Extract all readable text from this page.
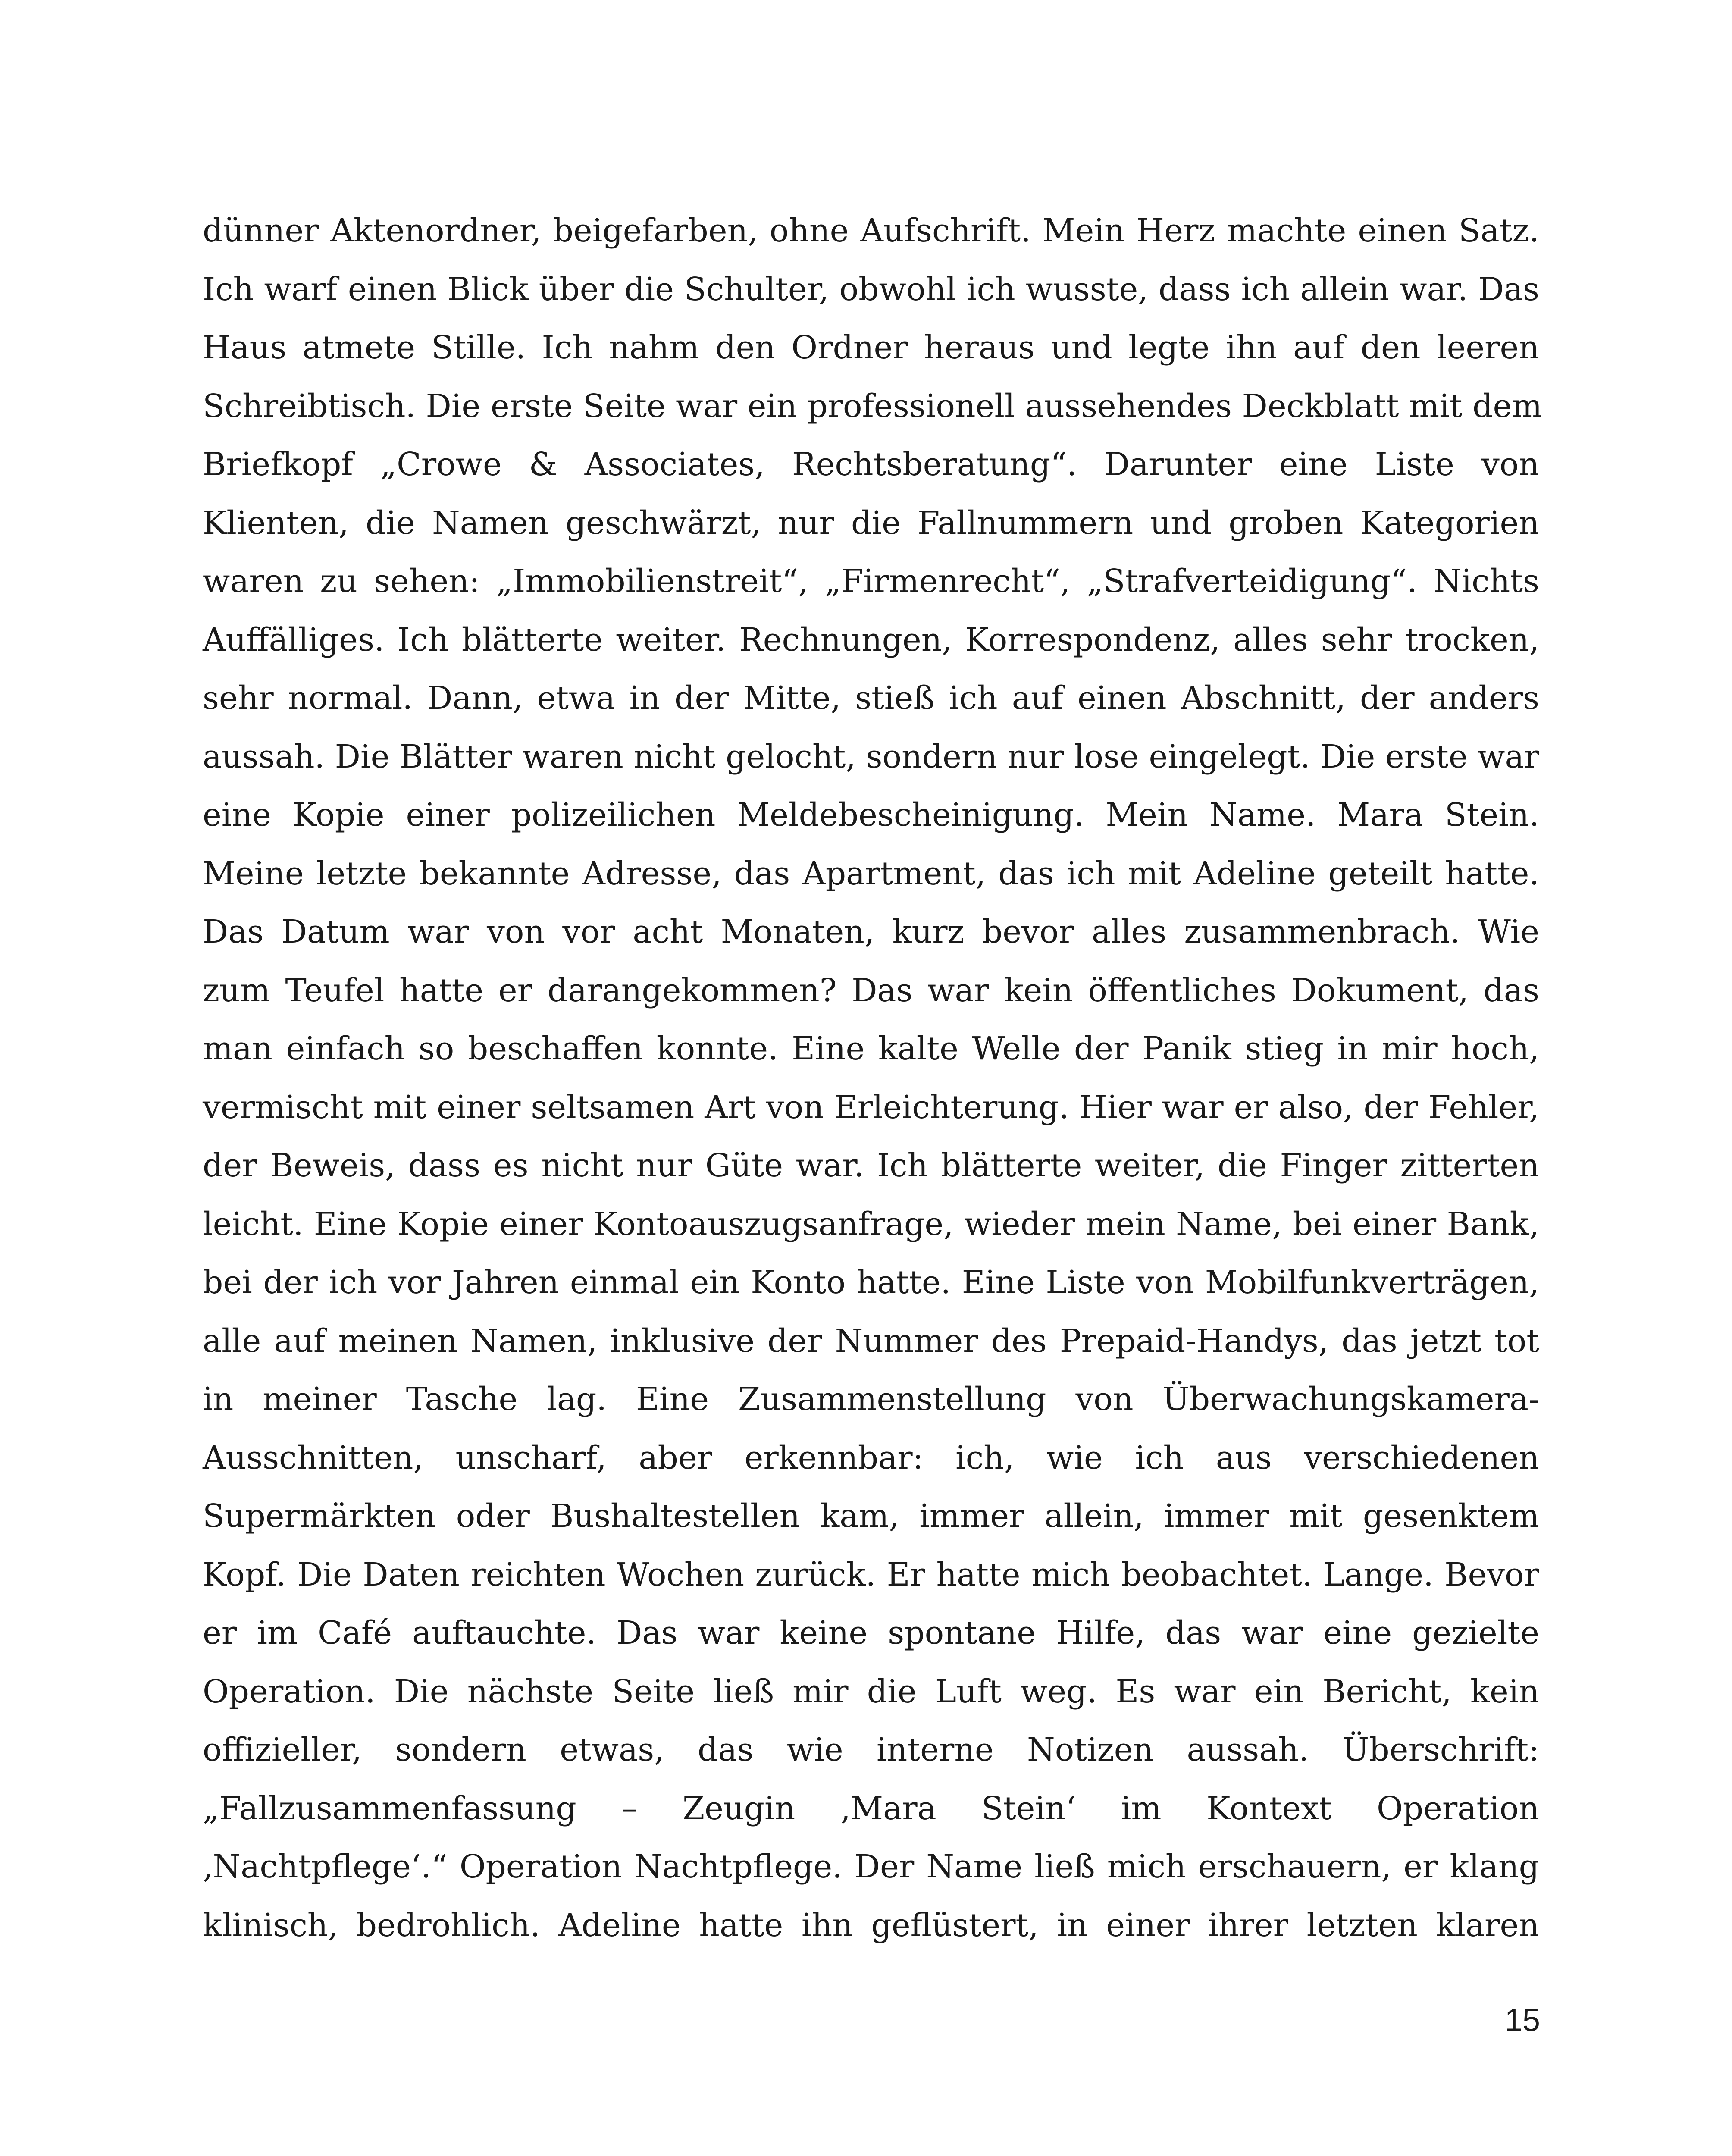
dünner Aktenordner, beigefarben, ohne Aufschrift. Mein Herz machte einen Satz.
Ich warf einen Blick über die Schulter, obwohl ich wusste, dass ich allein war. Das
Haus atmete Stille. Ich nahm den Ordner heraus und legte ihn auf den leeren
Schreibtisch. Die erste Seite war ein professionell aussehendes Deckblatt mit dem
Briefkopf „Crowe & Associates, Rechtsberatung“. Darunter eine Liste von
Klienten, die Namen geschwärzt, nur die Fallnummern und groben Kategorien
waren zu sehen: „Immobilienstreit“, „Firmenrecht“, „Strafverteidigung“. Nichts
Auffälliges. Ich blätterte weiter. Rechnungen, Korrespondenz, alles sehr trocken,
sehr normal. Dann, etwa in der Mitte, stieß ich auf einen Abschnitt, der anders
aussah. Die Blätter waren nicht gelocht, sondern nur lose eingelegt. Die erste war
eine Kopie einer polizeilichen Meldebescheinigung. Mein Name. Mara Stein.
Meine letzte bekannte Adresse, das Apartment, das ich mit Adeline geteilt hatte.
Das Datum war von vor acht Monaten, kurz bevor alles zusammenbrach. Wie
zum Teufel hatte er darangekommen? Das war kein öffentliches Dokument, das
man einfach so beschaffen konnte. Eine kalte Welle der Panik stieg in mir hoch,
vermischt mit einer seltsamen Art von Erleichterung. Hier war er also, der Fehler,
der Beweis, dass es nicht nur Güte war. Ich blätterte weiter, die Finger zitterten
leicht. Eine Kopie einer Kontoauszugsanfrage, wieder mein Name, bei einer Bank,
bei der ich vor Jahren einmal ein Konto hatte. Eine Liste von Mobilfunkverträgen,
alle auf meinen Namen, inklusive der Nummer des Prepaid-Handys, das jetzt tot
in meiner Tasche lag. Eine Zusammenstellung von Überwachungskamera-
Ausschnitten, unscharf, aber erkennbar: ich, wie ich aus verschiedenen
Supermärkten oder Bushaltestellen kam, immer allein, immer mit gesenktem
Kopf. Die Daten reichten Wochen zurück. Er hatte mich beobachtet. Lange. Bevor
er im Café auftauchte. Das war keine spontane Hilfe, das war eine gezielte
Operation. Die nächste Seite ließ mir die Luft weg. Es war ein Bericht, kein
offizieller, sondern etwas, das wie interne Notizen aussah. Überschrift:
„Fallzusammenfassung – Zeugin ‚Mara Stein‘ im Kontext Operation
‚Nachtpflege‘.“ Operation Nachtpflege. Der Name ließ mich erschauern, er klang
klinisch, bedrohlich. Adeline hatte ihn geflüstert, in einer ihrer letzten klaren
15
